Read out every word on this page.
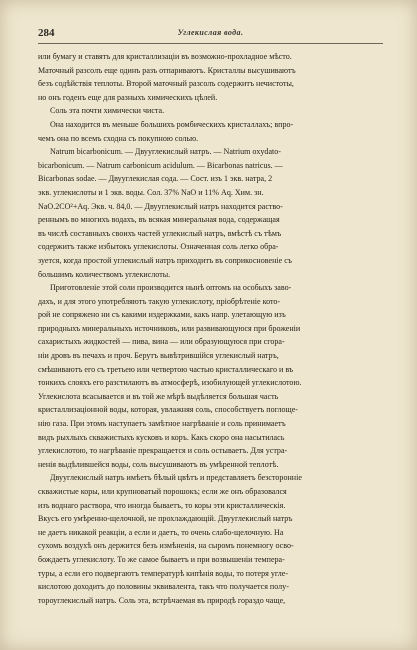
284	Углекислая вода.
или бумагу и ставятъ для кристаллизаціи въ возможно-прохладное мѣсто.
Маточный разсолъ еще одинъ разъ отпариваютъ. Кристаллы высушиваютъ
безъ содѣйствія теплоты. Второй маточный разсолъ содержитъ нечистоты,
но онъ годенъ еще для разныхъ химическихъ цѣлей.
Соль эта почти химически чиста.
Она находится въ меньше большихъ ромбическихъ кристаллахъ; впро-
чемъ она по всемъ сходна съ покупною солью.
Natrum bicarbonicum. — Двууглекислый натръ. — Natrium oxydato-
bicarbonicum. — Natrum carbonicum acidulum. — Bicarbonas natricus. —
Bicarbonas sodae. — Двууглекислая сода. — Сост. изъ 1 экв. натра, 2
экв. углекислоты и 1 экв. воды. Сол. 37% NaO и 11% Aq. Хим. зн.
NaO.2CO²+Aq. Экв. ч. 84,0. — Двууглекислый натръ находится раство-
реннымъ во многихъ водахъ, въ всякая минеральная вода, содержащая
въ числѣ составныхъ своихъ частей углекислый натръ, вмѣстѣ съ тѣмъ
содержитъ также избытокъ углекислоты. Означенная соль легко обра-
зуется, когда простой углекислый натръ приходитъ въ соприкосновеніе съ
большимъ количествомъ углекислоты.
Приготовленіе этой соли производится нынѣ оптомъ на особыхъ заво-
дахъ, и для этого употребляютъ такую углекислоту, пріобрѣтеніе кото-
рой не сопряжено ни съ какими издержками, какъ напр. улетающую изъ
природныхъ минеральныхъ источниковъ, или развивающуюся при броженіи
сахаристыхъ жидкостей — пива, вина — или образующуюся при сгора-
ніи дровъ въ печахъ и проч. Берутъ вывѣтрившійся углекислый натръ,
смѣшиваютъ его съ третьею или четвертою частью кристаллическаго и въ
тонкихъ слояхъ его разстилаютъ въ атмосферѣ, изобилующей углекислотою.
Углекислота всасывается и въ той же мѣрѣ выдѣляется большая часть
кристаллизаціонной воды, которая, увлажняя соль, способствуетъ поглоще-
нію газа. При этомъ наступаетъ замѣтное нагрѣваніе и соль принимаетъ
видъ рыхлыхъ скважистыхъ кусковъ и коръ. Какъ скоро она насытилась
углекислотою, то нагрѣваніе прекращается и соль остываетъ. Для устра-
ненія выдѣлившейся воды, соль высушиваютъ въ умѣренной теплотѣ.
Двууглекислый натръ имѣетъ бѣлый цвѣтъ и представляетъ безсторонніе
скважистые коры, или крупноватый порошокъ; если же онъ образовался
изъ воднаго раствора, что иногда бываетъ, то коры эти кристаллическія.
Вкусъ его умѣренно-щелочной, не прохлаждающій. Двууглекислый натръ
не даетъ никакой реакціи, а если и даетъ, то очень слабо-щелочную. На
сухомъ воздухѣ онъ держится безъ измѣненія, на сыромъ понемногу осво-
бождаетъ углекислоту. То же самое бываетъ и при возвышеніи темпера-
туры, а если его подвергаютъ температурѣ кипѣнія воды, то потеря угле-
кислотою доходитъ до половины эквивалента, такъ что получается полу-
тороуглекислый натръ. Соль эта, встрѣчаемая въ природѣ гораздо чаще,
